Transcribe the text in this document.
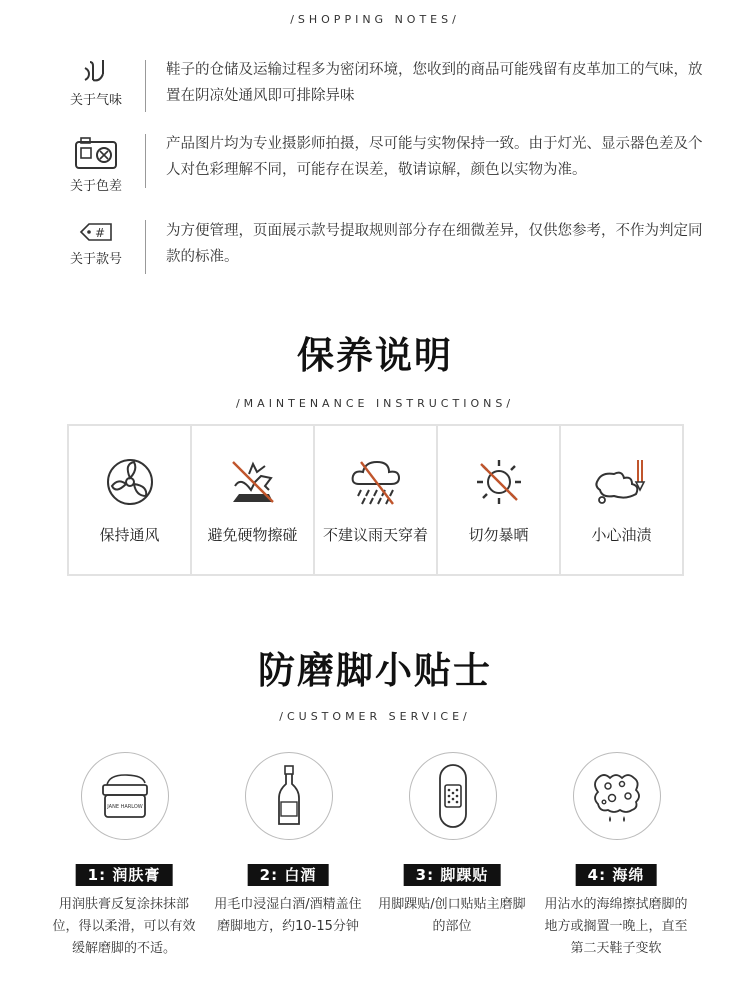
/SHOPPING NOTES/
关于气味
鞋子的仓储及运输过程多为密闭环境，您收到的商品可能残留有皮革加工的气味，放置在阴凉处通风即可排除异味
关于色差
产品图片均为专业摄影师拍摄，尽可能与实物保持一致。由于灯光、显示器色差及个人对色彩理解不同，可能存在误差，敬请谅解，颜色以实物为准。
#
关于款号
为方便管理，页面展示款号提取规则部分存在细微差异，仅供您参考，不作为判定同款的标准。
保养说明
/MAINTENANCE INSTRUCTIONS/
保持通风	避免硬物擦碰	不建议雨天穿着	切勿暴晒	小心油渍
防磨脚小贴士
/CUSTOMER SERVICE/
JANE HARLOW
1: 润肤膏
用润肤膏反复涂抹抹部位，得以柔滑，可以有效缓解磨脚的不适。
2: 白酒
用毛巾浸湿白酒/酒精盖住磨脚地方，约10-15分钟
3: 脚踝贴
用脚踝贴/创口贴贴主磨脚的部位
4: 海绵
用沾水的海绵擦拭磨脚的地方或搁置一晚上，直至第二天鞋子变软
